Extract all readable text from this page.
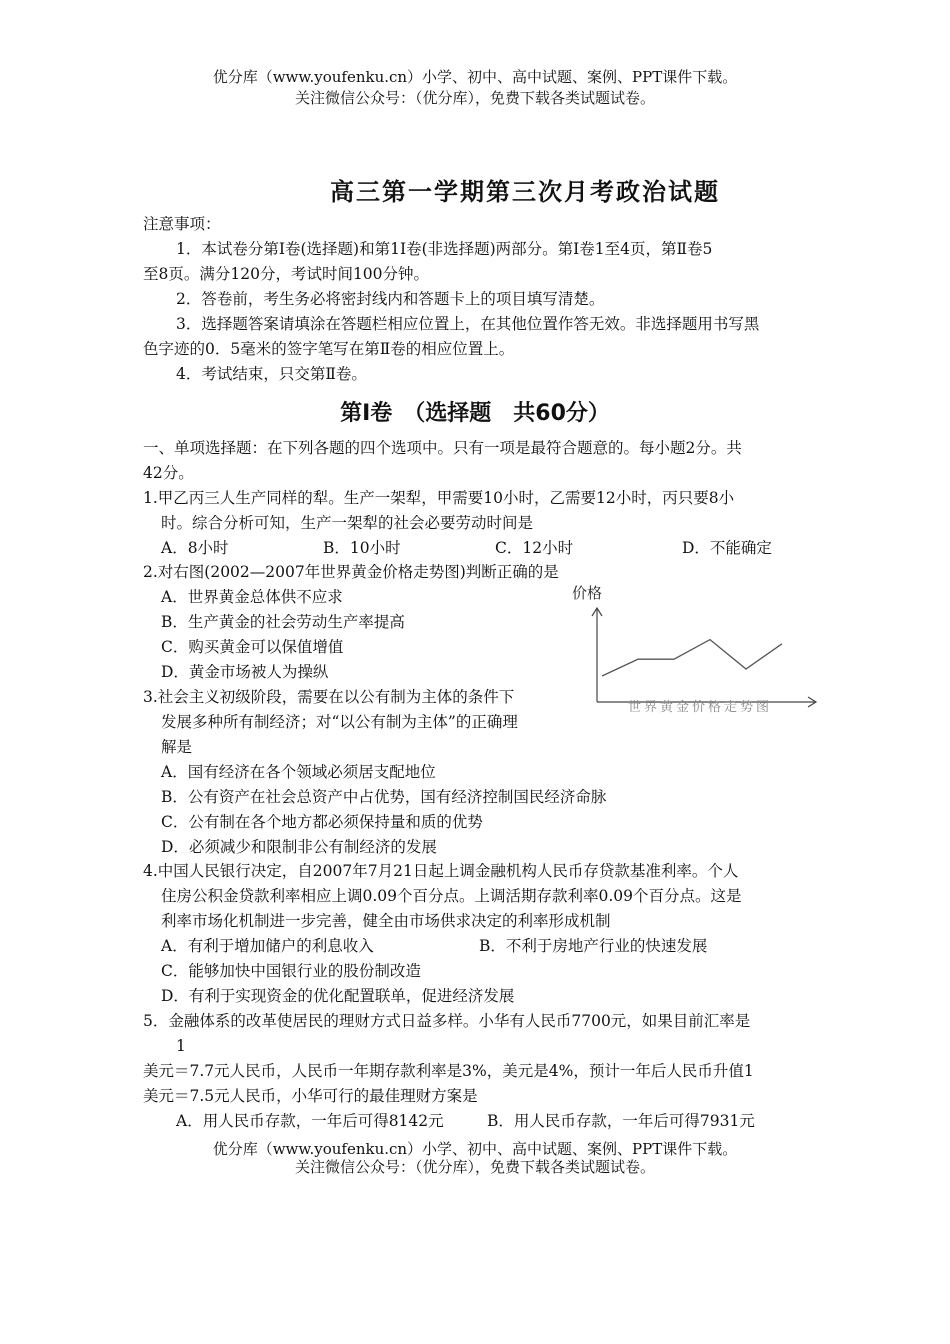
优分库（www.youfenku.cn）小学、初中、高中试题、案例、PPT课件下载。
关注微信公众号：（优分库），免费下载各类试题试卷。
高三第一学期第三次月考政治试题
注意事项：
1．本试卷分第Ⅰ卷(选择题)和第1I卷(非选择题)两部分。第Ⅰ卷1至4页，第Ⅱ卷5
至8页。满分120分，考试时间100分钟。
2．答卷前，考生务必将密封线内和答题卡上的项目填写清楚。
3．选择题答案请填涂在答题栏相应位置上，在其他位置作答无效。非选择题用书写黑
色字迹的0．5毫米的签字笔写在第Ⅱ卷的相应位置上。
4．考试结束，只交第Ⅱ卷。
第Ⅰ卷　（选择题　共60分）
一、单项选择题：在下列各题的四个选项中。只有一项是最符合题意的。每小题2分。共
42分。
1.甲乙丙三人生产同样的犁。生产一架犁，甲需要10小时，乙需要12小时，丙只要8小
时。综合分析可知，生产一架犁的社会必要劳动时间是
A．8小时	B．10小时	C．12小时	D．不能确定
2.对右图(2002—2007年世界黄金价格走势图)判断正确的是
A．世界黄金总体供不应求
B．生产黄金的社会劳动生产率提高
C．购买黄金可以保值增值
D．黄金市场被人为操纵
价格
世界黄金价格走势图
3.社会主义初级阶段，需要在以公有制为主体的条件下
发展多种所有制经济；对“以公有制为主体”的正确理
解是
A．国有经济在各个领域必须居支配地位
B．公有资产在社会总资产中占优势，国有经济控制国民经济命脉
C．公有制在各个地方都必须保持量和质的优势
D．必须减少和限制非公有制经济的发展
4.中国人民银行决定，自2007年7月21日起上调金融机构人民币存贷款基准利率。个人
住房公积金贷款利率相应上调0.09个百分点。上调活期存款利率0.09个百分点。这是
利率市场化机制进一步完善，健全由市场供求决定的利率形成机制
A．有利于增加储户的利息收入	B．不利于房地产行业的快速发展
C．能够加快中国银行业的股份制改造
D．有利于实现资金的优化配置联单，促进经济发展
5．金融体系的改革使居民的理财方式日益多样。小华有人民币7700元，如果目前汇率是
1
美元＝7.7元人民币，人民币一年期存款利率是3%，美元是4%，预计一年后人民币升值1
美元＝7.5元人民币，小华可行的最佳理财方案是
A．用人民币存款，一年后可得8142元	B．用人民币存款，一年后可得7931元
优分库（www.youfenku.cn）小学、初中、高中试题、案例、PPT课件下载。
关注微信公众号：（优分库），免费下载各类试题试卷。
